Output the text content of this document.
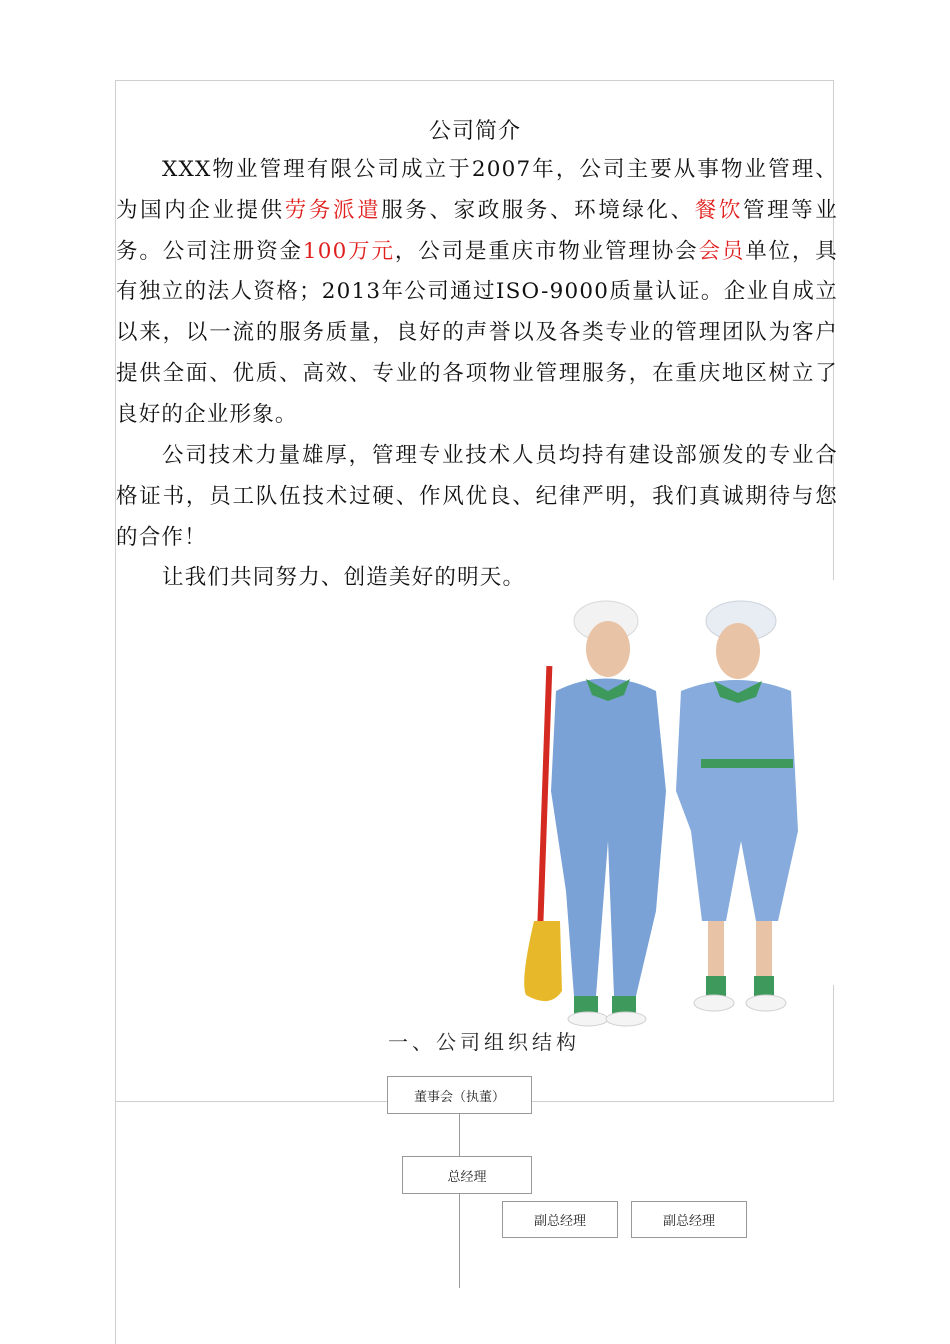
公司简介
XXX物业管理有限公司成立于2007年，公司主要从事物业管理、为国内企业提供劳务派遣服务、家政服务、环境绿化、餐饮管理等业务。公司注册资金100万元，公司是重庆市物业管理协会会员单位，具有独立的法人资格；2013年公司通过ISO-9000质量认证。企业自成立以来，以一流的服务质量，良好的声誉以及各类专业的管理团队为客户提供全面、优质、高效、专业的各项物业管理服务，在重庆地区树立了良好的企业形象。
公司技术力量雄厚，管理专业技术人员均持有建设部颁发的专业合格证书，员工队伍技术过硬、作风优良、纪律严明，我们真诚期待与您的合作！
让我们共同努力、创造美好的明天。
一、公司组织结构
董事会（执董）
总经理
副总经理	副总经理
